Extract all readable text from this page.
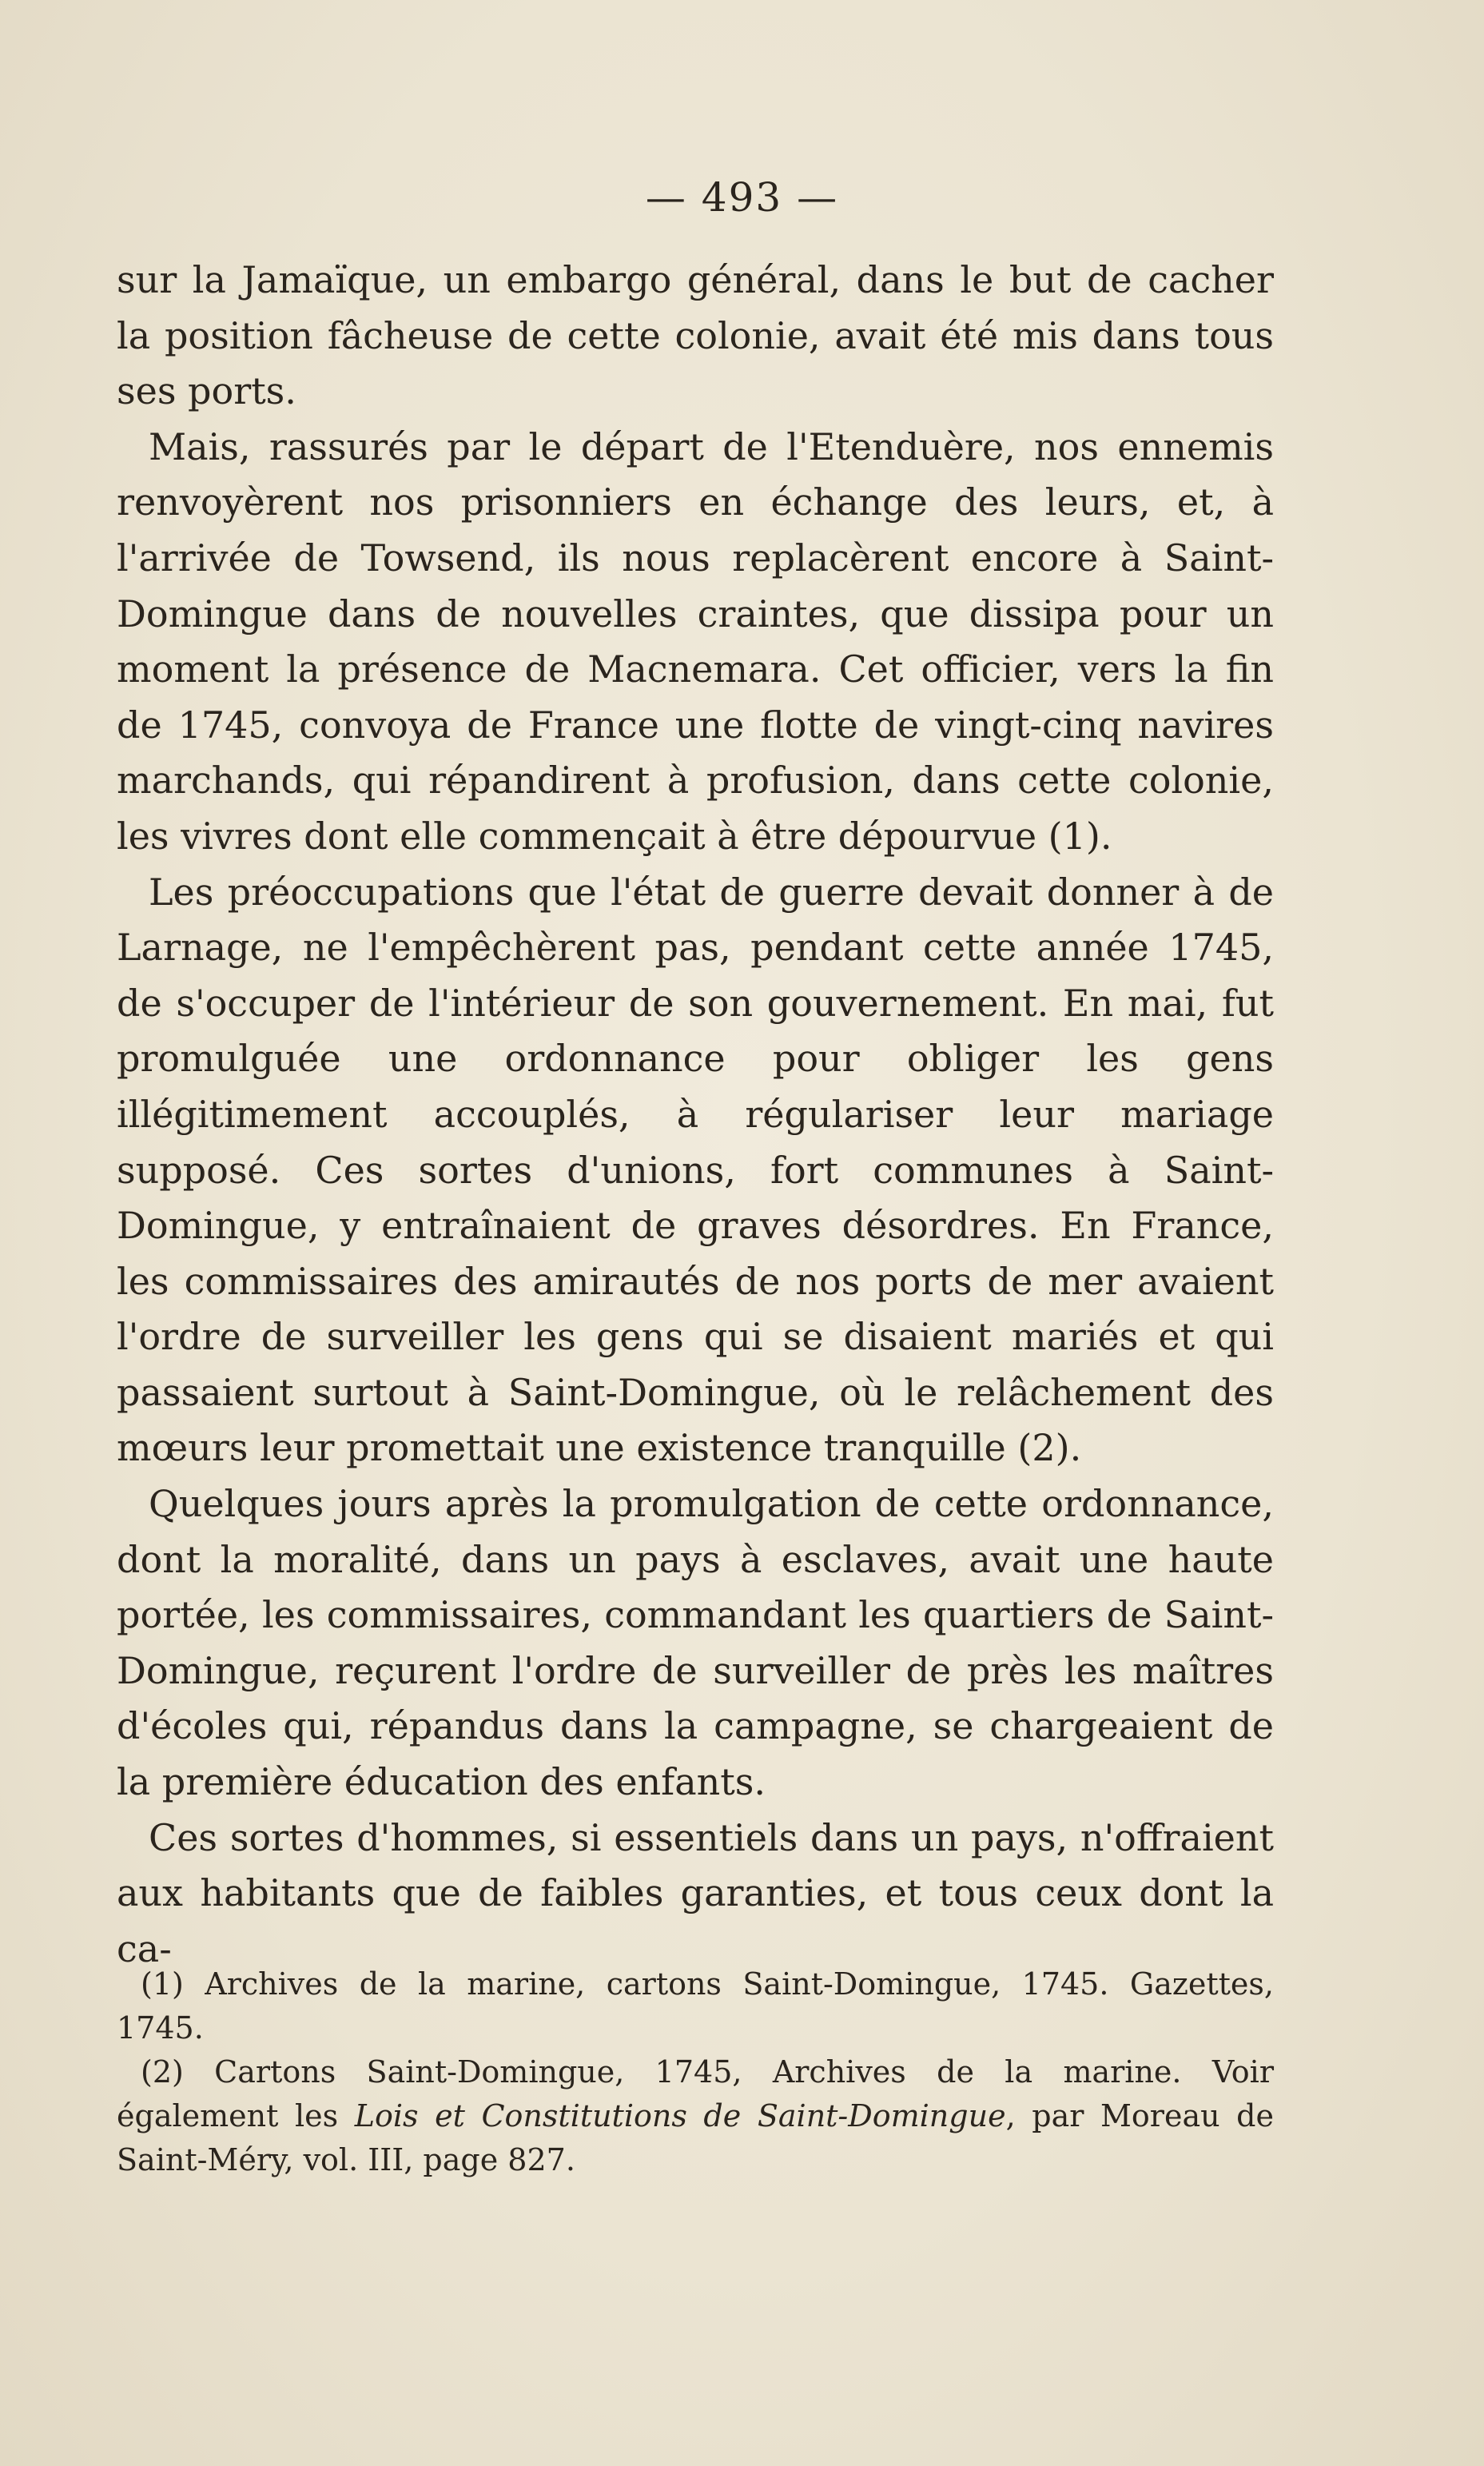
— 493 —

sur la Jamaïque, un embargo général, dans le but de cacher la position fâcheuse de cette colonie, avait été mis dans tous ses ports.

Mais, rassurés par le départ de l'Etenduère, nos ennemis renvoyèrent nos prisonniers en échange des leurs, et, à l'arrivée de Towsend, ils nous replacèrent encore à Saint-Domingue dans de nouvelles craintes, que dissipa pour un moment la présence de Macnemara. Cet officier, vers la fin de 1745, convoya de France une flotte de vingt-cinq navires marchands, qui répandirent à profusion, dans cette colonie, les vivres dont elle commençait à être dépourvue (1).

Les préoccupations que l'état de guerre devait donner à de Larnage, ne l'empêchèrent pas, pendant cette année 1745, de s'occuper de l'intérieur de son gouvernement. En mai, fut promulguée une ordonnance pour obliger les gens illégitimement accouplés, à régulariser leur mariage supposé. Ces sortes d'unions, fort communes à Saint-Domingue, y entraînaient de graves désordres. En France, les commissaires des amirautés de nos ports de mer avaient l'ordre de surveiller les gens qui se disaient mariés et qui passaient surtout à Saint-Domingue, où le relâchement des mœurs leur promettait une existence tranquille (2).

Quelques jours après la promulgation de cette ordonnance, dont la moralité, dans un pays à esclaves, avait une haute portée, les commissaires, commandant les quartiers de Saint-Domingue, reçurent l'ordre de surveiller de près les maîtres d'écoles qui, répandus dans la campagne, se chargeaient de la première éducation des enfants.

Ces sortes d'hommes, si essentiels dans un pays, n'offraient aux habitants que de faibles garanties, et tous ceux dont la ca-

(1) Archives de la marine, cartons Saint-Domingue, 1745. Gazettes, 1745.

(2) Cartons Saint-Domingue, 1745, Archives de la marine. Voir également les Lois et Constitutions de Saint-Domingue, par Moreau de Saint-Méry, vol. III, page 827.
